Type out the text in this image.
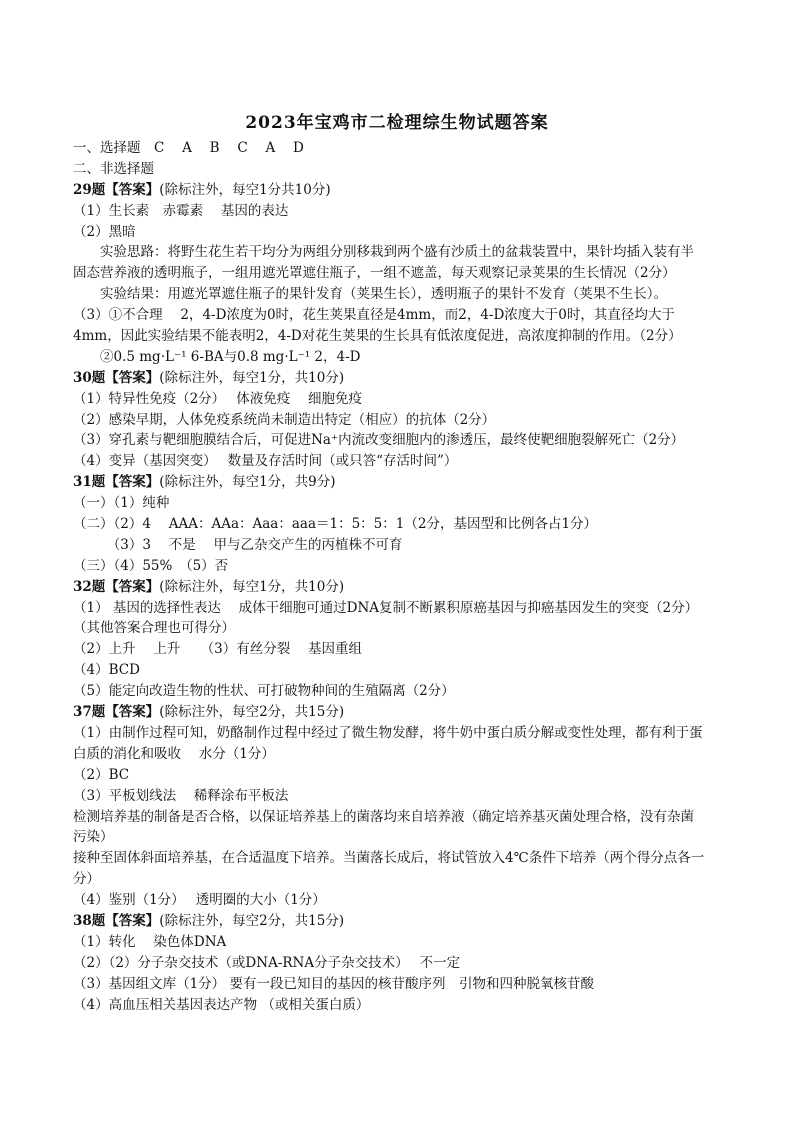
2023年宝鸡市二检理综生物试题答案
一、选择题　C　 A　 B　 C　 A　 D
二、非选择题
29题【答案】(除标注外，每空1分共10分)
（1）生长素　赤霉素　 基因的表达
（2）黑暗
　　实验思路：将野生花生若干均分为两组分别移栽到两个盛有沙质土的盆栽装置中，果针均插入装有半
固态营养液的透明瓶子，一组用遮光罩遮住瓶子，一组不遮盖，每天观察记录荚果的生长情况（2分）
　　实验结果：用遮光罩遮住瓶子的果针发育（荚果生长），透明瓶子的果针不发育（荚果不生长）。
（3）①不合理　 2，4-D浓度为0时，花生荚果直径是4mm，而2，4-D浓度大于0时，其直径均大于
4mm，因此实验结果不能表明2，4-D对花生荚果的生长具有低浓度促进，高浓度抑制的作用。（2分）
　　②0.5 mg·L⁻¹ 6-BA与0.8 mg·L⁻¹ 2，4-D
30题【答案】(除标注外，每空1分，共10分)
（1）特异性免疫（2分）　 体液免疫　 细胞免疫
（2）感染早期，人体免疫系统尚未制造出特定（相应）的抗体（2分）
（3）穿孔素与靶细胞膜结合后，可促进Na⁺内流改变细胞内的渗透压，最终使靶细胞裂解死亡（2分）
（4）变异（基因突变）　 数量及存活时间（或只答“存活时间”）
31题【答案】(除标注外，每空1分，共9分)
（一）（1）纯种
（二）（2）4　 AAA：AAa：Aaa：aaa＝1：5：5：1（2分，基因型和比例各占1分）
　　　（3）3　 不是　 甲与乙杂交产生的丙植株不可育
（三）（4）55%　（5）否
32题【答案】(除标注外，每空1分，共10分)
（1） 基因的选择性表达　 成体干细胞可通过DNA复制不断累积原癌基因与抑癌基因发生的突变（2分）
（其他答案合理也可得分）
（2）上升　 上升　　（3）有丝分裂　 基因重组
（4）BCD
（5）能定向改造生物的性状、可打破物种间的生殖隔离（2分）
37题【答案】(除标注外，每空2分，共15分)
（1）由制作过程可知，奶酪制作过程中经过了微生物发酵，将牛奶中蛋白质分解或变性处理，都有利于蛋
白质的消化和吸收　 水分（1分）
（2）BC
（3）平板划线法　 稀释涂布平板法
检测培养基的制备是否合格，以保证培养基上的菌落均来自培养液（确定培养基灭菌处理合格，没有杂菌
污染）
接种至固体斜面培养基，在合适温度下培养。当菌落长成后，将试管放入4℃条件下培养（两个得分点各一
分）
（4）鉴别（1分）　 透明圈的大小（1分）
38题【答案】(除标注外，每空2分，共15分)
（1）转化　 染色体DNA
（2）（2）分子杂交技术（或DNA-RNA分子杂交技术）　 不一定
（3）基因组文库（1分） 要有一段已知目的基因的核苷酸序列　引物和四种脱氧核苷酸
（4）高血压相关基因表达产物 （或相关蛋白质）
